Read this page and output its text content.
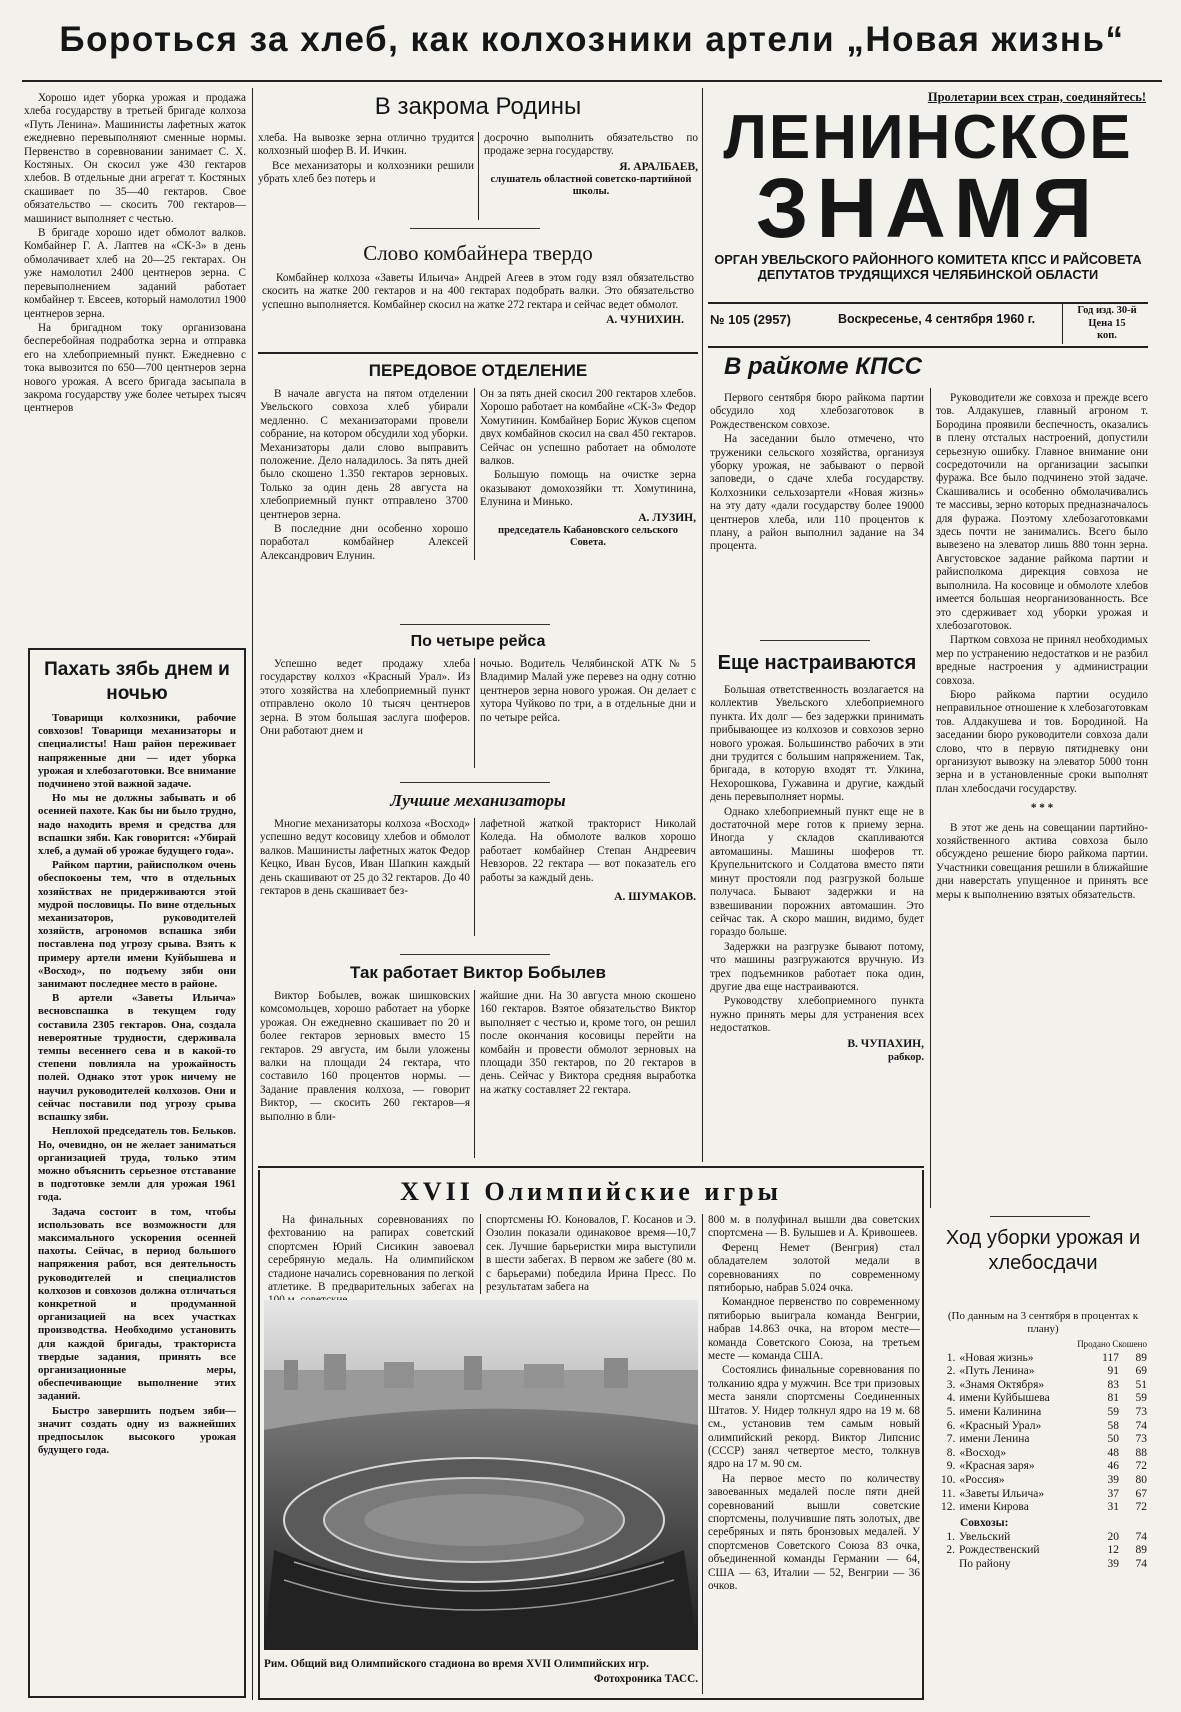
Бороться за хлеб, как колхозники артели „Новая жизнь“

Хорошо идет уборка урожая и продажа хлеба государству в третьей бригаде колхоза «Путь Ленина». Машинисты лафетных жаток ежедневно перевыполняют сменные нормы. Первенство в соревновании занимает С. Х. Костяных. Он скосил уже 430 гектаров хлебов. В отдельные дни агрегат т. Костяных скашивает по 35—40 гектаров. Свое обязательство — скосить 700 гектаров—машинист выполняет с честью.

В бригаде хорошо идет обмолот валков. Комбайнер Г. А. Лаптев на «СК-3» в день обмолачивает хлеб на 20—25 гектарах. Он уже намолотил 2400 центнеров зерна. С перевыполнением заданий работает комбайнер т. Евсеев, который намолотил 1900 центнеров зерна.

На бригадном току организована бесперебойная подработка зерна и отправка его на хлебоприемный пункт. Ежедневно с тока вывозится по 650—700 центнеров зерна нового урожая. А всего бригада засыпала в закрома государству уже более четырех тысяч центнеров

Пахать зябь днем и ночью

Товарищи колхозники, рабочие совхозов! Товарищи механизаторы и специалисты! Наш район переживает напряженные дни — идет уборка урожая и хлебозаготовки. Все внимание подчинено этой важной задаче.

Но мы не должны забывать и об осенней пахоте. Как бы ни было трудно, надо находить время и средства для вспашки зяби. Как говорится: «Убирай хлеб, а думай об урожае будущего года».

Райком партии, райисполком очень обеспокоены тем, что в отдельных хозяйствах не придерживаются этой мудрой пословицы. По вине отдельных механизаторов, руководителей хозяйств, агрономов вспашка зяби поставлена под угрозу срыва. Взять к примеру артели имени Куйбышева и «Восход», по подъему зяби они занимают последнее место в районе.

В артели «Заветы Ильича» весновспашка в текущем году составила 2305 гектаров. Она, создала невероятные трудности, сдерживала темпы весеннего сева и в какой-то степени повлияла на урожайность полей. Однако этот урок ничему не научил руководителей колхозов. Они и сейчас поставили под угрозу срыва вспашку зяби.

Неплохой председатель тов. Бельков. Но, очевидно, он не желает заниматься организацией труда, только этим можно объяснить серьезное отставание в подготовке земли для урожая 1961 года.

Задача состоит в том, чтобы использовать все возможности для максимального ускорения осенней пахоты. Сейчас, в период большого напряжения работ, вся деятельность руководителей и специалистов колхозов и совхозов должна отличаться конкретной и продуманной организацией на всех участках производства. Необходимо установить для каждой бригады, тракториста твердые задания, принять все организационные меры, обеспечивающие выполнение этих заданий.

Быстро завершить подъем зяби—значит создать одну из важнейших предпосылок высокого урожая будущего года.

В закрома Родины

хлеба. На вывозке зерна отлично трудится колхозный шофер В. И. Ичкин.

Все механизаторы и колхозники решили убрать хлеб без потерь и

досрочно выполнить обязательство по продаже зерна государству.

Я. АРАЛБАЕВ,
слушатель областной советско-партийной школы.
Слово комбайнера твердо

Комбайнер колхоза «Заветы Ильича» Андрей Агеев в этом году взял обязательство скосить на жатке 200 гектаров и на 400 гектарах подобрать валки. Это обязательство успешно выполняется. Комбайнер скосил на жатке 272 гектара и сейчас ведет обмолот.

А. ЧУНИХИН.
ПЕРЕДОВОЕ ОТДЕЛЕНИЕ

В начале августа на пятом отделении Увельского совхоза хлеб убирали медленно. С механизаторами провели собрание, на котором обсудили ход уборки. Механизаторы дали слово выправить положение. Дело наладилось. За пять дней было скошено 1.350 гектаров зерновых. Только за один день 28 августа на хлебоприемный пункт отправлено 3700 центнеров зерна.

В последние дни особенно хорошо поработал комбайнер Алексей Александрович Елунин.

Он за пять дней скосил 200 гектаров хлебов. Хорошо работает на комбайне «СК-3» Федор Хомутинин. Комбайнер Борис Жуков сцепом двух комбайнов скосил на свал 450 гектаров. Сейчас он успешно работает на обмолоте валков.

Большую помощь на очистке зерна оказывают домохозяйки тт. Хомутинина, Елунина и Минько.

А. ЛУЗИН,
председатель Кабановского сельского Совета.
По четыре рейса

Успешно ведет продажу хлеба государству колхоз «Красный Урал». Из этого хозяйства на хлебоприемный пункт отправлено около 10 тысяч центнеров зерна. В этом большая заслуга шоферов. Они работают днем и

ночью. Водитель Челябинской АТК № 5 Владимир Малай уже перевез на одну сотню центнеров зерна нового урожая. Он делает с хутора Чуйково по три, а в отдельные дни и по четыре рейса.

Лучшие механизаторы

Многие механизаторы колхоза «Восход» успешно ведут косовицу хлебов и обмолот валков. Машинисты лафетных жаток Федор Кецко, Иван Бусов, Иван Шапкин каждый день скашивают от 25 до 32 гектаров. До 40 гектаров в день скашивает без-

лафетной жаткой тракторист Николай Коледа. На обмолоте валков хорошо работает комбайнер Степан Андреевич Невзоров. 22 гектара — вот показатель его работы за каждый день.

А. ШУМАКОВ.
Так работает Виктор Бобылев

Виктор Бобылев, вожак шишковских комсомольцев, хорошо работает на уборке урожая. Он ежедневно скашивает по 20 и более гектаров зерновых вместо 15 гектаров. 29 августа, им были уложены валки на площади 24 гектара, что составило 160 процентов нормы. — Задание правления колхоза, — говорит Виктор, — скосить 260 гектаров—я выполню в бли-

жайшие дни. На 30 августа мною скошено 160 гектаров. Взятое обязательство Виктор выполняет с честью и, кроме того, он решил после окончания косовицы перейти на комбайн и провести обмолот зерновых на площади 350 гектаров, по 20 гектаров в день. Сейчас у Виктора средняя выработка на жатку составляет 22 гектара.

Пролетарии всех стран, соединяйтесь!
ЛЕНИНСКОЕ
ЗНАМЯ
ОРГАН УВЕЛЬСКОГО РАЙОННОГО КОМИТЕТА КПСС И РАЙСОВЕТА ДЕПУТАТОВ ТРУДЯЩИХСЯ ЧЕЛЯБИНСКОЙ ОБЛАСТИ
№ 105 (2957)	Воскресенье, 4 сентября 1960 г.
Год изд. 30-й
Цена 15 коп.
В райкоме КПСС

Первого сентября бюро райкома партии обсудило ход хлебозаготовок в Рождественском совхозе.

На заседании было отмечено, что труженики сельского хозяйства, организуя уборку урожая, не забывают о первой заповеди, о сдаче хлеба государству. Колхозники сельхозартели «Новая жизнь» на эту дату «дали государству более 19000 центнеров хлеба, или 110 процентов к плану, а район выполнил задание на 34 процента.

Руководители же совхоза и прежде всего тов. Алдакушев, главный агроном т. Бородина проявили беспечность, оказались в плену отсталых настроений, допустили серьезную ошибку. Главное внимание они сосредоточили на организации засыпки фуража. Все было подчинено этой задаче. Скашивались и особенно обмолачивались те массивы, зерно которых предназначалось для фуража. Поэтому хлебозаготовками здесь почти не занимались. Всего было вывезено на элеватор лишь 880 тонн зерна. Августовское задание райкома партии и райисполкома дирекция совхоза не выполнила. На косовице и обмолоте хлебов имеется большая неорганизованность. Все это сдерживает ход уборки урожая и хлебозаготовок.

Партком совхоза не принял необходимых мер по устранению недостатков и не разбил вредные настроения у администрации совхоза.

Бюро райкома партии осудило неправильное отношение к хлебозаготовкам тов. Алдакушева и тов. Бородиной. На заседании бюро руководители совхоза дали слово, что в первую пятидневку они организуют вывозку на элеватор 5000 тонн зерна и в установленные сроки выполнят план хлебосдачи государству.

* * *

В этот же день на совещании партийно-хозяйственного актива совхоза было обсуждено решение бюро райкома партии. Участники совещания решили в ближайшие дни наверстать упущенное и принять все меры к выполнению взятых обязательств.

Еще настраиваются

Большая ответственность возлагается на коллектив Увельского хлебоприемного пункта. Их долг — без задержки принимать прибывающее из колхозов и совхозов зерно нового урожая. Большинство рабочих в эти дни трудится с большим напряжением. Так, бригада, в которую входят тт. Улкина, Нехорошкова, Гужавина и другие, каждый день перевыполняет нормы.

Однако хлебоприемный пункт еще не в достаточной мере готов к приему зерна. Иногда у складов скапливаются автомашины. Машины шоферов тт. Крупельнитского и Солдатова вместо пяти минут простояли под разгрузкой больше получаса. Бывают задержки и на взвешивании порожних автомашин. Это сейчас так. А скоро машин, видимо, будет гораздо больше.

Задержки на разгрузке бывают потому, что машины разгружаются вручную. Из трех подъемников работает пока один, другие два еще настраиваются.

Руководству хлебоприемного пункта нужно принять меры для устранения всех недостатков.

В. ЧУПАХИН,
рабкор.
XVII Олимпийские игры

На финальных соревнованиях по фехтованию на рапирах советский спортсмен Юрий Сисикин завоевал серебряную медаль. На олимпийском стадионе начались соревнования по легкой атлетике. В предварительных забегах на

спортсмены Ю. Коновалов, Г. Косанов и Э. Озолин показали одинаковое время—10,7 сек. Лучшие барьеристки мира выступили в шести забегах. В первом же забеге (80 м. с барьерами) победила Ирина Пресс. По результатам забега на

800 м. в полуфинал вышли два советских спортсмена — В. Булышев и А. Кривошеев.

Ференц Немет (Венгрия) стал обладателем золотой медали в соревнованиях по современному пятиборью, набрав 5.024 очка.

Командное первенство по современному пятиборью выиграла команда Венгрии, набрав 14.863 очка, на втором месте—команда Советского Союза, на третьем месте — команда США.

Состоялись финальные соревнования по толканию ядра у мужчин. Все три призовых места заняли спортсмены Соединенных Штатов. У. Нидер толкнул ядро на 19 м. 68 см., установив тем самым новый олимпийский рекорд. Виктор Липснис (СССР) занял четвертое место, толкнув ядро на 17 м. 90 см.

На первое место по количеству завоеванных медалей после пяти дней соревнований вышли советские спортсмены, получившие пять золотых, две серебряных и пять бронзовых медалей. У спортсменов Советского Союза 83 очка, объединенной команды Германии — 64, США — 63, Италии — 52, Венгрии — 36 очков.

Рим. Общий вид Олимпийского стадиона во время XVII Олимпийских игр.
Фотохроника ТАСС.
Ход уборки урожая и хлебосдачи
(По данным на 3 сентября в процентах к плану)
		Продано	Скошено
1.	«Новая жизнь»	117	89
2.	«Путь Ленина»	91	69
3.	«Знамя Октября»	83	51
4.	имени Куйбышева	81	59
5.	имени Калинина	59	73
6.	«Красный Урал»	58	74
7.	имени Ленина	50	73
8.	«Восход»	48	88
9.	«Красная заря»	46	72
10.	«Россия»	39	80
11.	«Заветы Ильича»	37	67
12.	имени Кирова	31	72
Совхозы:
1.	Увельский	20	74
2.	Рождественский	12	89
	По району	39	74
